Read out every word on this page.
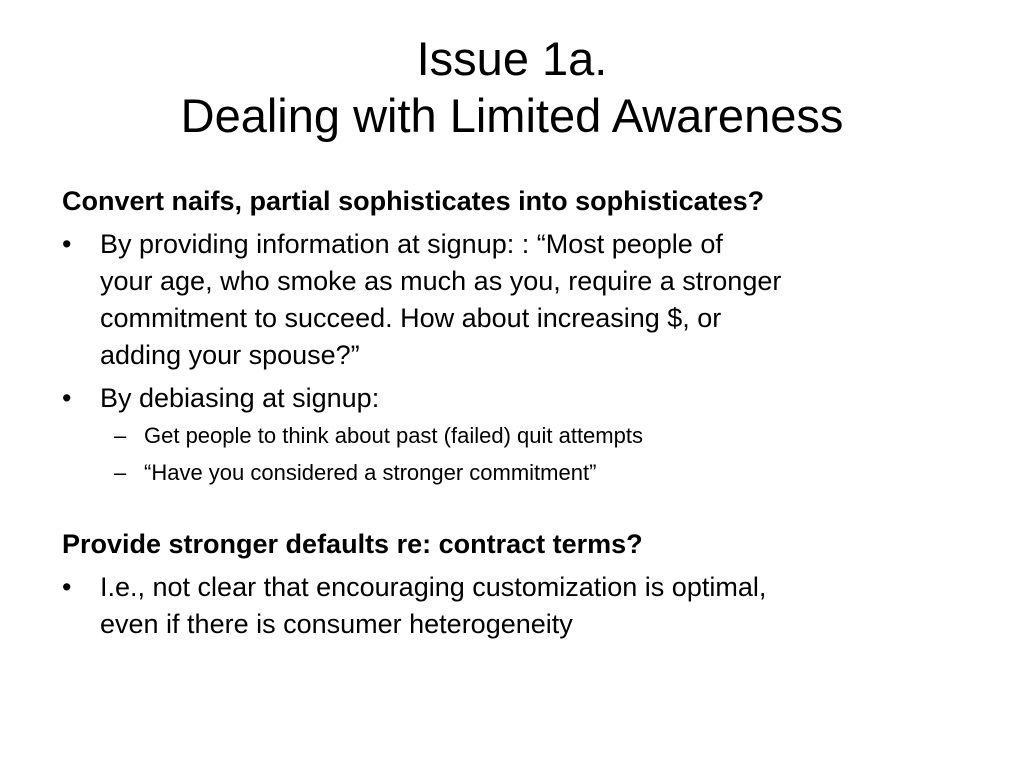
Issue 1a.
Dealing with Limited Awareness

Convert naifs, partial sophisticates into sophisticates?

•	By providing information at signup: : “Most people of
your age, who smoke as much as you, require a stronger
commitment to succeed. How about increasing $, or
adding your spouse?”
•	By debiasing at signup:
– Get people to think about past (failed) quit attempts
– “Have you considered a stronger commitment”

Provide stronger defaults re: contract terms?

•	I.e., not clear that encouraging customization is optimal,
even if there is consumer heterogeneity
